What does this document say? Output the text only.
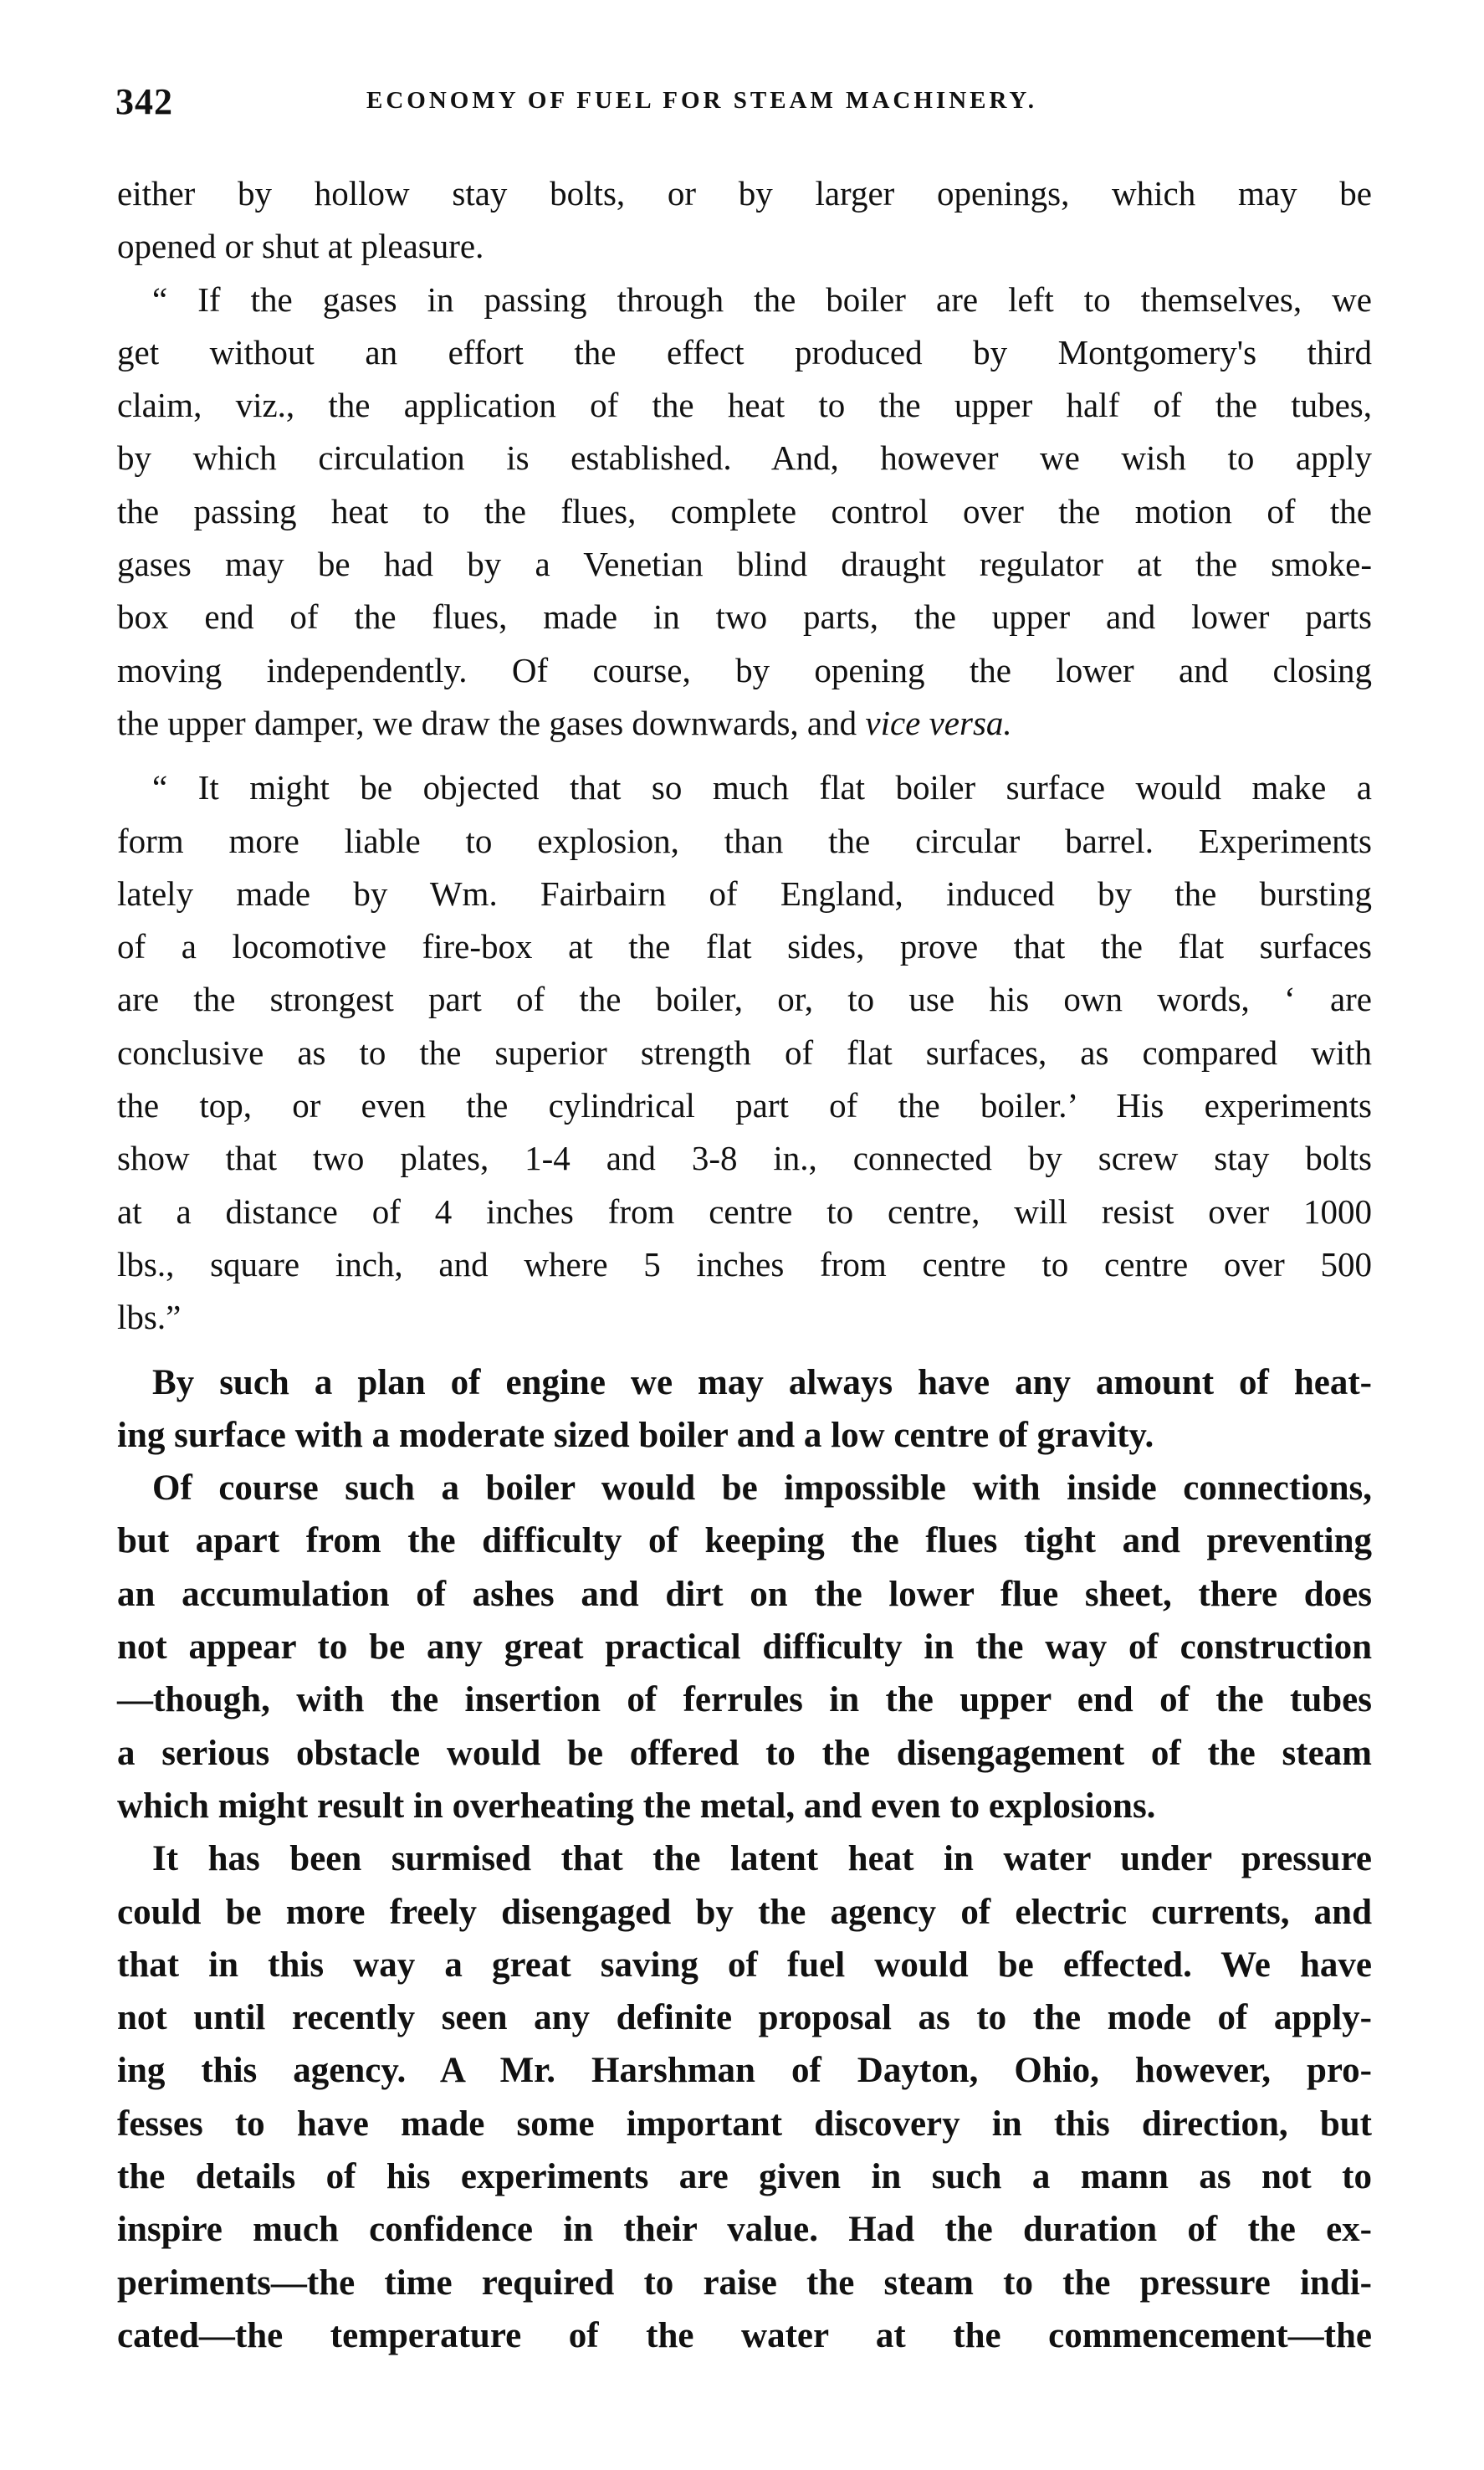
342	ECONOMY OF FUEL FOR STEAM MACHINERY.
either by hollow stay bolts, or by larger openings, which may be
opened or shut at pleasure.
“ If the gases in passing through the boiler are left to themselves, we
get without an effort the effect produced by Montgomery's third
claim, viz., the application of the heat to the upper half of the tubes,
by which circulation is established. And, however we wish to apply
the passing heat to the flues, complete control over the motion of the
gases may be had by a Venetian blind draught regulator at the smoke-
box end of the flues, made in two parts, the upper and lower parts
moving independently. Of course, by opening the lower and closing
the upper damper, we draw the gases downwards, and vice versa.
“ It might be objected that so much flat boiler surface would make a
form more liable to explosion, than the circular barrel. Experiments
lately made by Wm. Fairbairn of England, induced by the bursting
of a locomotive fire-box at the flat sides, prove that the flat surfaces
are the strongest part of the boiler, or, to use his own words, ‘ are
conclusive as to the superior strength of flat surfaces, as compared with
the top, or even the cylindrical part of the boiler.’ His experiments
show that two plates, 1-4 and 3-8 in., connected by screw stay bolts
at a distance of 4 inches from centre to centre, will resist over 1000
lbs., square inch, and where 5 inches from centre to centre over 500
lbs.”
By such a plan of engine we may always have any amount of heat-
ing surface with a moderate sized boiler and a low centre of gravity.
Of course such a boiler would be impossible with inside connections,
but apart from the difficulty of keeping the flues tight and preventing
an accumulation of ashes and dirt on the lower flue sheet, there does
not appear to be any great practical difficulty in the way of construction
—though, with the insertion of ferrules in the upper end of the tubes
a serious obstacle would be offered to the disengagement of the steam
which might result in overheating the metal, and even to explosions.
It has been surmised that the latent heat in water under pressure
could be more freely disengaged by the agency of electric currents, and
that in this way a great saving of fuel would be effected. We have
not until recently seen any definite proposal as to the mode of apply-
ing this agency. A Mr. Harshman of Dayton, Ohio, however, pro-
fesses to have made some important discovery in this direction, but
the details of his experiments are given in such a mann as not to
inspire much confidence in their value. Had the duration of the ex-
periments—the time required to raise the steam to the pressure indi-
cated—the temperature of the water at the commencement—the
